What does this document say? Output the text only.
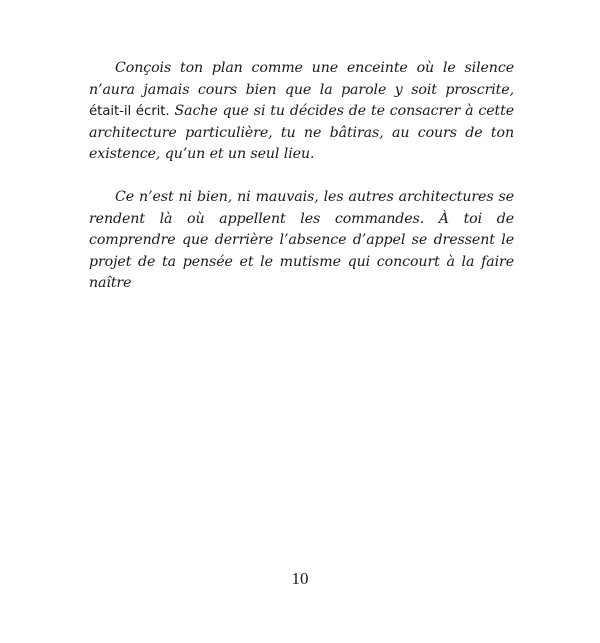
Conçois ton plan comme une enceinte où le silence n’aura jamais cours bien que la parole y soit proscrite, était-il écrit. Sache que si tu décides de te consacrer à cette architecture particulière, tu ne bâtiras, au cours de ton existence, qu’un et un seul lieu.

Ce n’est ni bien, ni mauvais, les autres architectures se rendent là où appellent les commandes. À toi de comprendre que derrière l’absence d’appel se dressent le projet de ta pensée et le mutisme qui concourt à la faire naître

10
